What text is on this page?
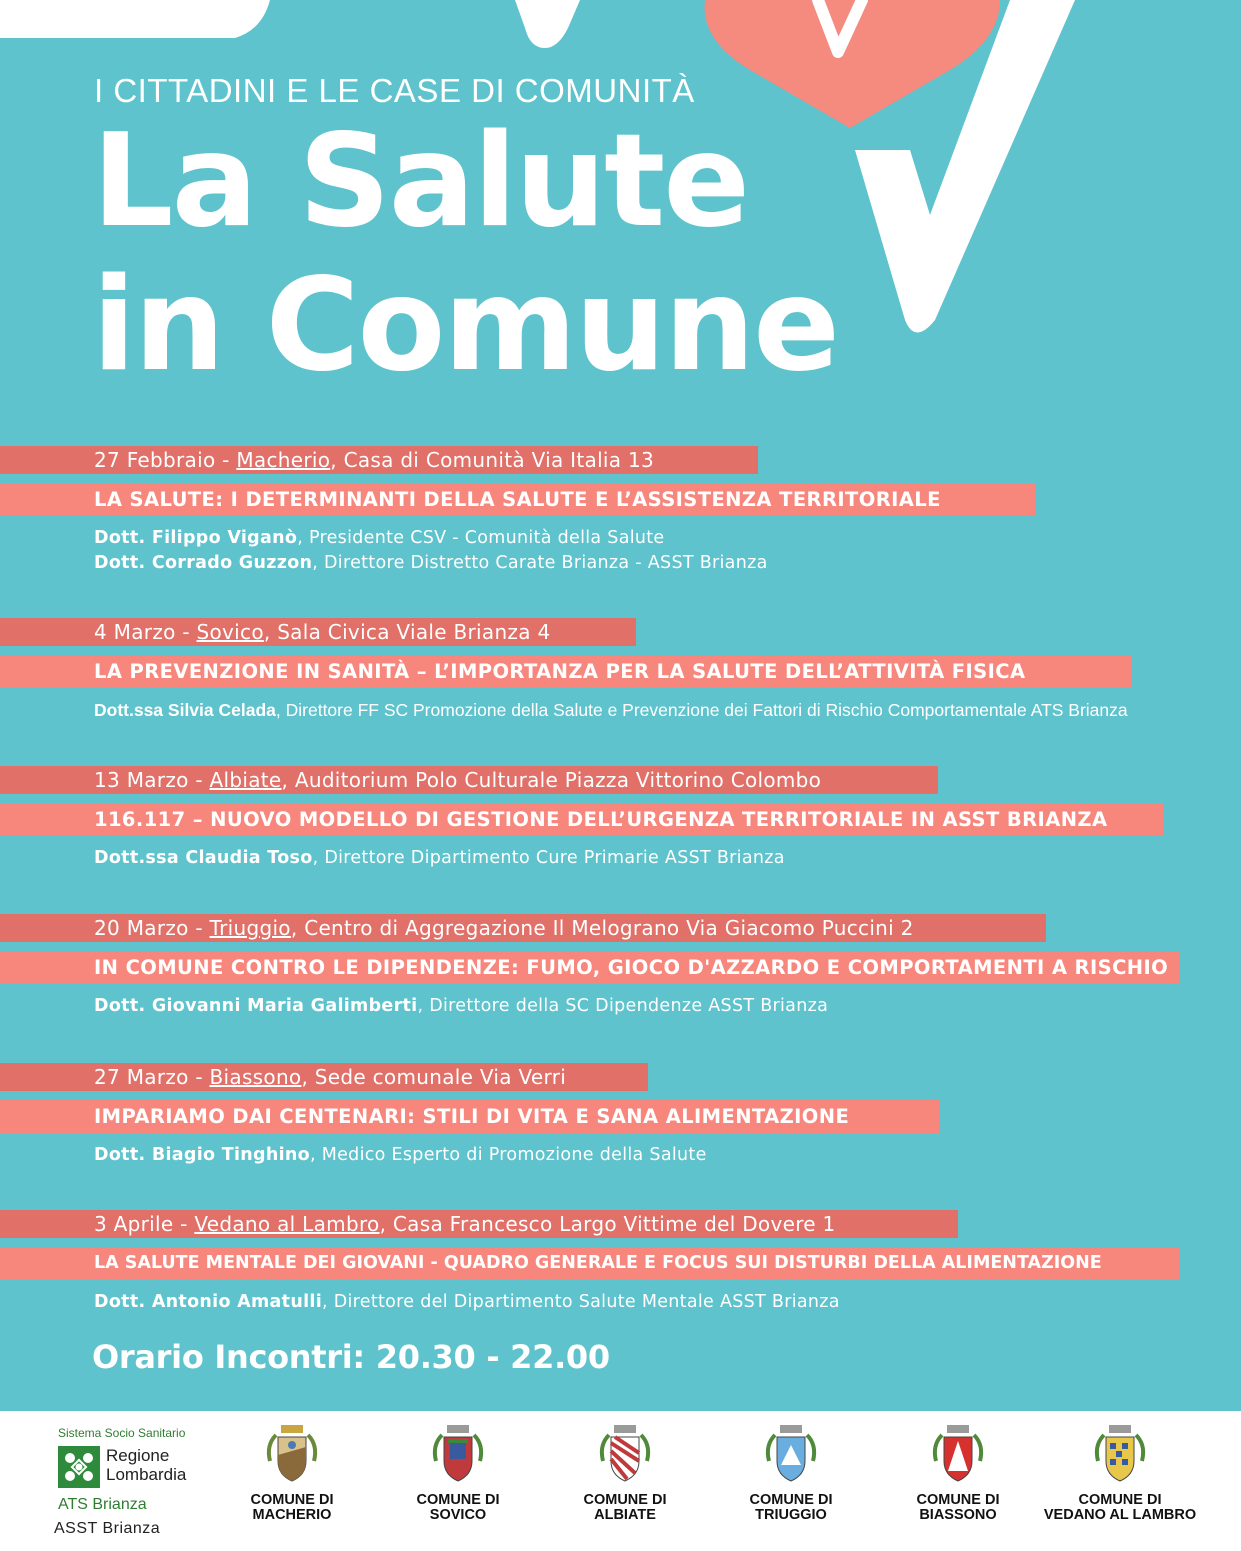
I CITTADINI E LE CASE DI COMUNITÀ
La Salute
in Comune
27 Febbraio - Macherio, Casa di Comunità Via Italia 13
LA SALUTE: I DETERMINANTI DELLA SALUTE E L’ASSISTENZA TERRITORIALE
Dott. Filippo Viganò, Presidente CSV - Comunità della Salute
Dott. Corrado Guzzon, Direttore Distretto Carate Brianza - ASST Brianza
4 Marzo - Sovico, Sala Civica Viale Brianza 4
LA PREVENZIONE IN SANITÀ – L’IMPORTANZA PER LA SALUTE DELL’ATTIVITÀ FISICA
Dott.ssa Silvia Celada, Direttore FF SC Promozione della Salute e Prevenzione dei Fattori di Rischio Comportamentale ATS Brianza
13 Marzo - Albiate, Auditorium Polo Culturale Piazza Vittorino Colombo
116.117 – NUOVO MODELLO DI GESTIONE DELL’URGENZA TERRITORIALE IN ASST BRIANZA
Dott.ssa Claudia Toso, Direttore Dipartimento Cure Primarie ASST Brianza
20 Marzo - Triuggio, Centro di Aggregazione Il Melograno Via Giacomo Puccini 2
IN COMUNE CONTRO LE DIPENDENZE: FUMO, GIOCO D'AZZARDO E COMPORTAMENTI A RISCHIO
Dott. Giovanni Maria Galimberti, Direttore della SC Dipendenze ASST Brianza
27 Marzo - Biassono, Sede comunale Via Verri
IMPARIAMO DAI CENTENARI: STILI DI VITA E SANA ALIMENTAZIONE
Dott. Biagio Tinghino, Medico Esperto di Promozione della Salute
3 Aprile - Vedano al Lambro, Casa Francesco Largo Vittime del Dovere 1
LA SALUTE MENTALE DEI GIOVANI - QUADRO GENERALE E FOCUS SUI DISTURBI DELLA ALIMENTAZIONE
Dott. Antonio Amatulli, Direttore del Dipartimento Salute Mentale ASST Brianza
Orario Incontri: 20.30 - 22.00
Sistema Socio Sanitario
Regione
Lombardia
ATS Brianza
ASST Brianza
COMUNE DI
MACHERIO
COMUNE DI
SOVICO
COMUNE DI
ALBIATE
COMUNE DI
TRIUGGIO
COMUNE DI
BIASSONO
COMUNE DI
VEDANO AL LAMBRO
